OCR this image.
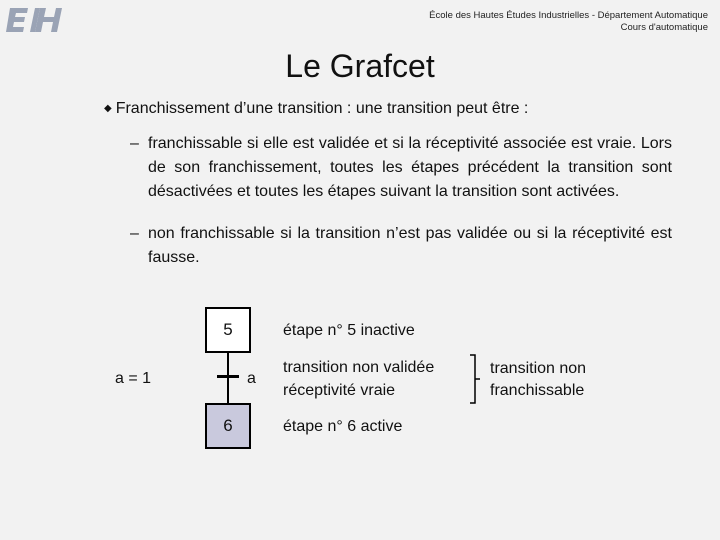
École des Hautes Études Industrielles - Département Automatique
Cours d'automatique
Le Grafcet
◆ Franchissement d’une transition : une transition peut être :
– franchissable si elle est validée et si la réceptivité associée est vraie. Lors de son franchissement, toutes les étapes précédent la transition sont désactivées et toutes les étapes suivant la transition sont activées.
– non franchissable si la transition n’est pas validée ou si la réceptivité est fausse.
5
6
a = 1	a
étape n° 5 inactive
transition non validée
réceptivité vraie
étape n° 6 active
transition non
franchissable
